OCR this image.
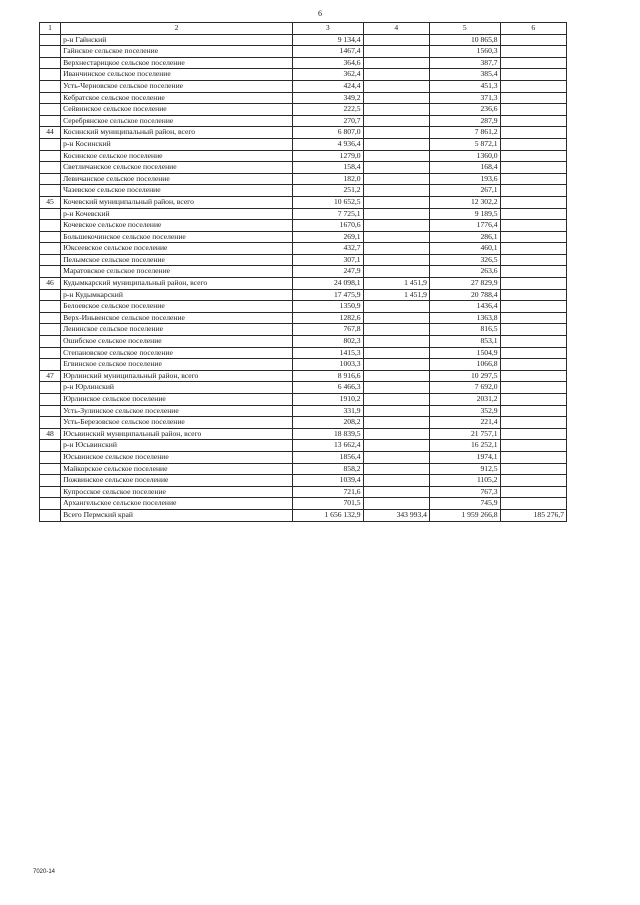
6
1	2	3	4	5	6
	р-н Гайнский	9 134,4		10 865,8	
	Гайнское сельское поселение	1467,4		1560,3	
	Верхнестарицкое сельское поселение	364,6		387,7	
	Иванчинское сельское поселение	362,4		385,4	
	Усть-Черновское сельское поселение	424,4		451,3	
	Кебратское сельское поселение	349,2		371,3	
	Сейвинское сельское поселение	222,5		236,6	
	Серебрянское сельское поселение	270,7		287,9	
44	Косинский муниципальный район, всего	6 807,0		7 861,2	
	р-н Косинский	4 936,4		5 872,1	
	Косинское сельское поселение	1279,0		1360,0	
	Светличанское сельское поселение	158,4		168,4	
	Левичанское сельское поселение	182,0		193,6	
	Чазевское сельское поселение	251,2		267,1	
45	Кочевский муниципальный район, всего	10 652,5		12 302,2	
	р-н Кочевский	7 725,1		9 189,5	
	Кочевское сельское поселение	1670,6		1776,4	
	Большекочинское сельское поселение	269,1		286,1	
	Юксеевское сельское поселение	432,7		460,1	
	Пелымское сельское поселение	307,1		326,5	
	Маратовское сельское поселение	247,9		263,6	
46	Кудымкарский муниципальный район, всего	24 098,1	1 451,9	27 829,9	
	р-н Кудымкарский	17 475,9	1 451,9	20 788,4	
	Белоевское сельское поселение	1350,9		1436,4	
	Верх-Иньвенское сельское поселение	1282,6		1363,8	
	Ленинское сельское поселение	767,8		816,5	
	Ошибское сельское поселение	802,3		853,1	
	Степановское сельское поселение	1415,3		1504,9	
	Егвинское сельское поселение	1003,3		1066,8	
47	Юрлинский муниципальный район, всего	8 916,6		10 297,5	
	р-н Юрлинский	6 466,3		7 692,0	
	Юрлинское сельское поселение	1910,2		2031,2	
	Усть-Зулинское сельское поселение	331,9		352,9	
	Усть-Березовское сельское поселение	208,2		221,4	
48	Юсьвинский муниципальный район, всего	18 839,5		21 757,1	
	р-н Юсьвинский	13 662,4		16 252,1	
	Юсьвинское сельское поселение	1856,4		1974,1	
	Майкорское сельское поселение	858,2		912,5	
	Пожвинское сельское поселение	1039,4		1105,2	
	Купросское сельское поселение	721,6		767,3	
	Архангельское сельское поселение	701,5		745,9	
	Всего Пермский край	1 656 132,9	343 993,4	1 959 266,8	185 276,7
7020-14
